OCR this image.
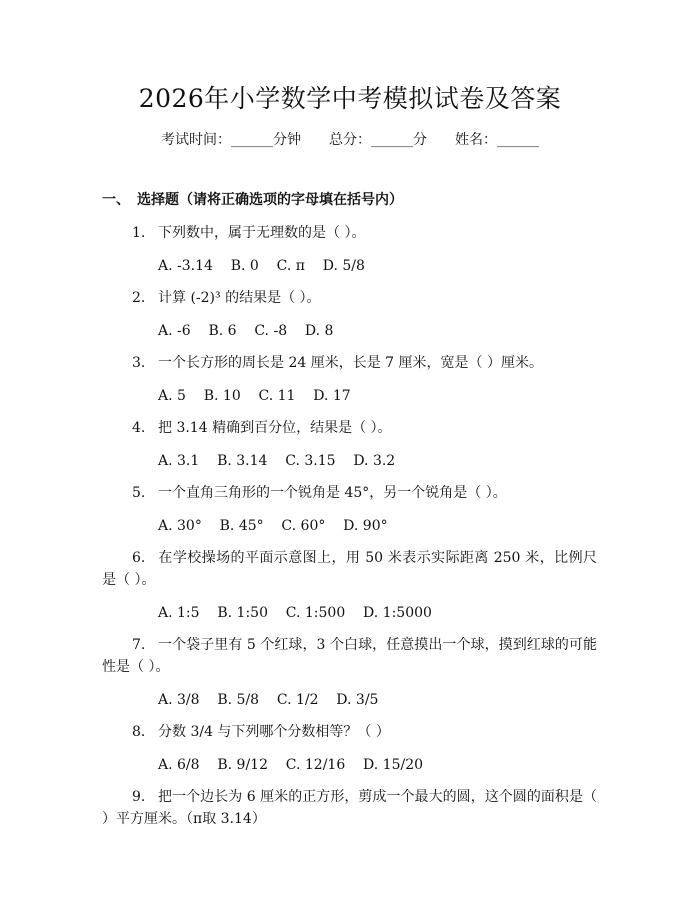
2026年小学数学中考模拟试卷及答案
考试时间：______分钟　　总分：______分　　姓名：______
一、　选择题（请将正确选项的字母填在括号内）

1. 下列数中，属于无理数的是（ ）。

A. -3.14    B. 0    C. π    D. 5/8

2. 计算 (-2)³ 的结果是（ ）。

A. -6    B. 6    C. -8    D. 8

3. 一个长方形的周长是 24 厘米，长是 7 厘米，宽是（ ）厘米。

A. 5    B. 10    C. 11    D. 17

4. 把 3.14 精确到百分位，结果是（ ）。

A. 3.1    B. 3.14    C. 3.15    D. 3.2

5. 一个直角三角形的一个锐角是 45°，另一个锐角是（ ）。

A. 30°    B. 45°    C. 60°    D. 90°

6. 在学校操场的平面示意图上，用 50 米表示实际距离 250 米，比例尺是（ ）。

A. 1:5    B. 1:50    C. 1:500    D. 1:5000

7. 一个袋子里有 5 个红球，3 个白球，任意摸出一个球，摸到红球的可能性是（ ）。

A. 3/8    B. 5/8    C. 1/2    D. 3/5

8. 分数 3/4 与下列哪个分数相等？（ ）

A. 6/8    B. 9/12    C. 12/16    D. 15/20

9. 把一个边长为 6 厘米的正方形，剪成一个最大的圆，这个圆的面积是（ ）平方厘米。（π取 3.14）
